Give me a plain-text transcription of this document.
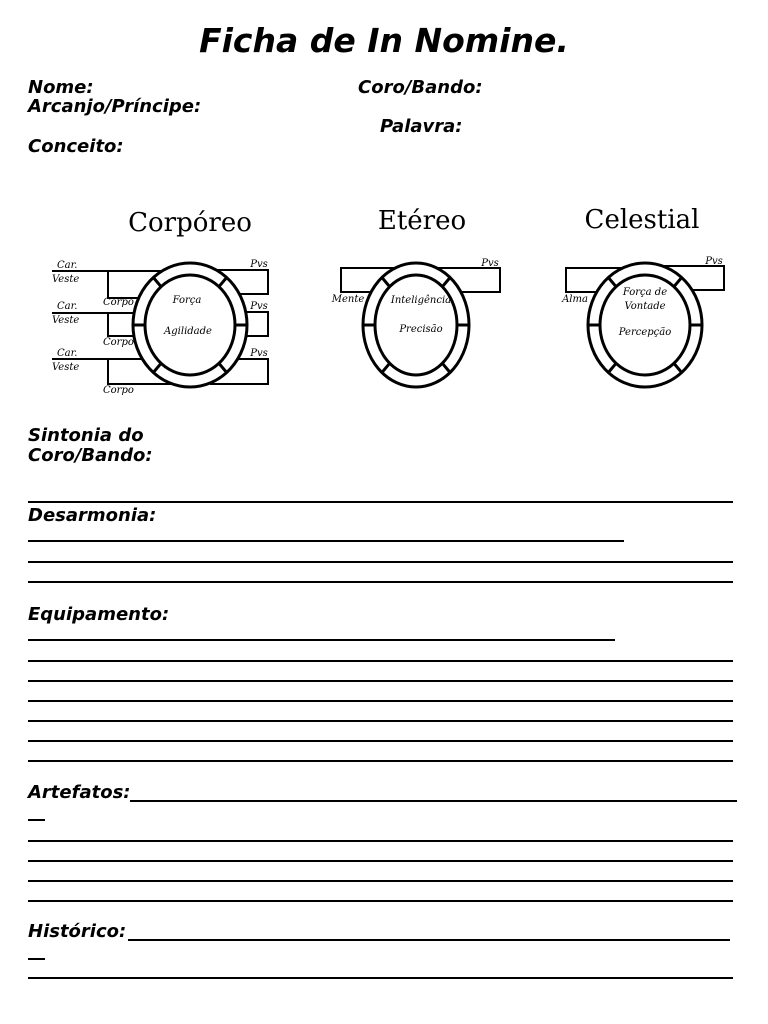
Ficha de In Nomine.
Nome:	Coro/Bando:
Arcanjo/Príncipe:
Palavra:
Conceito:
Corpóreo
Força
Agilidade
Car.
Veste
Corpo
Car.
Veste
Corpo
Car.
Veste
Corpo
Pvs
Pvs
Pvs
Etéreo
Inteligência
Precisão
Mente
Pvs
Celestial
Força de
Vontade
Percepção
Alma
Pvs
Sintonia do
Coro/Bando:
Desarmonia:
Equipamento:
Artefatos:
Histórico:
